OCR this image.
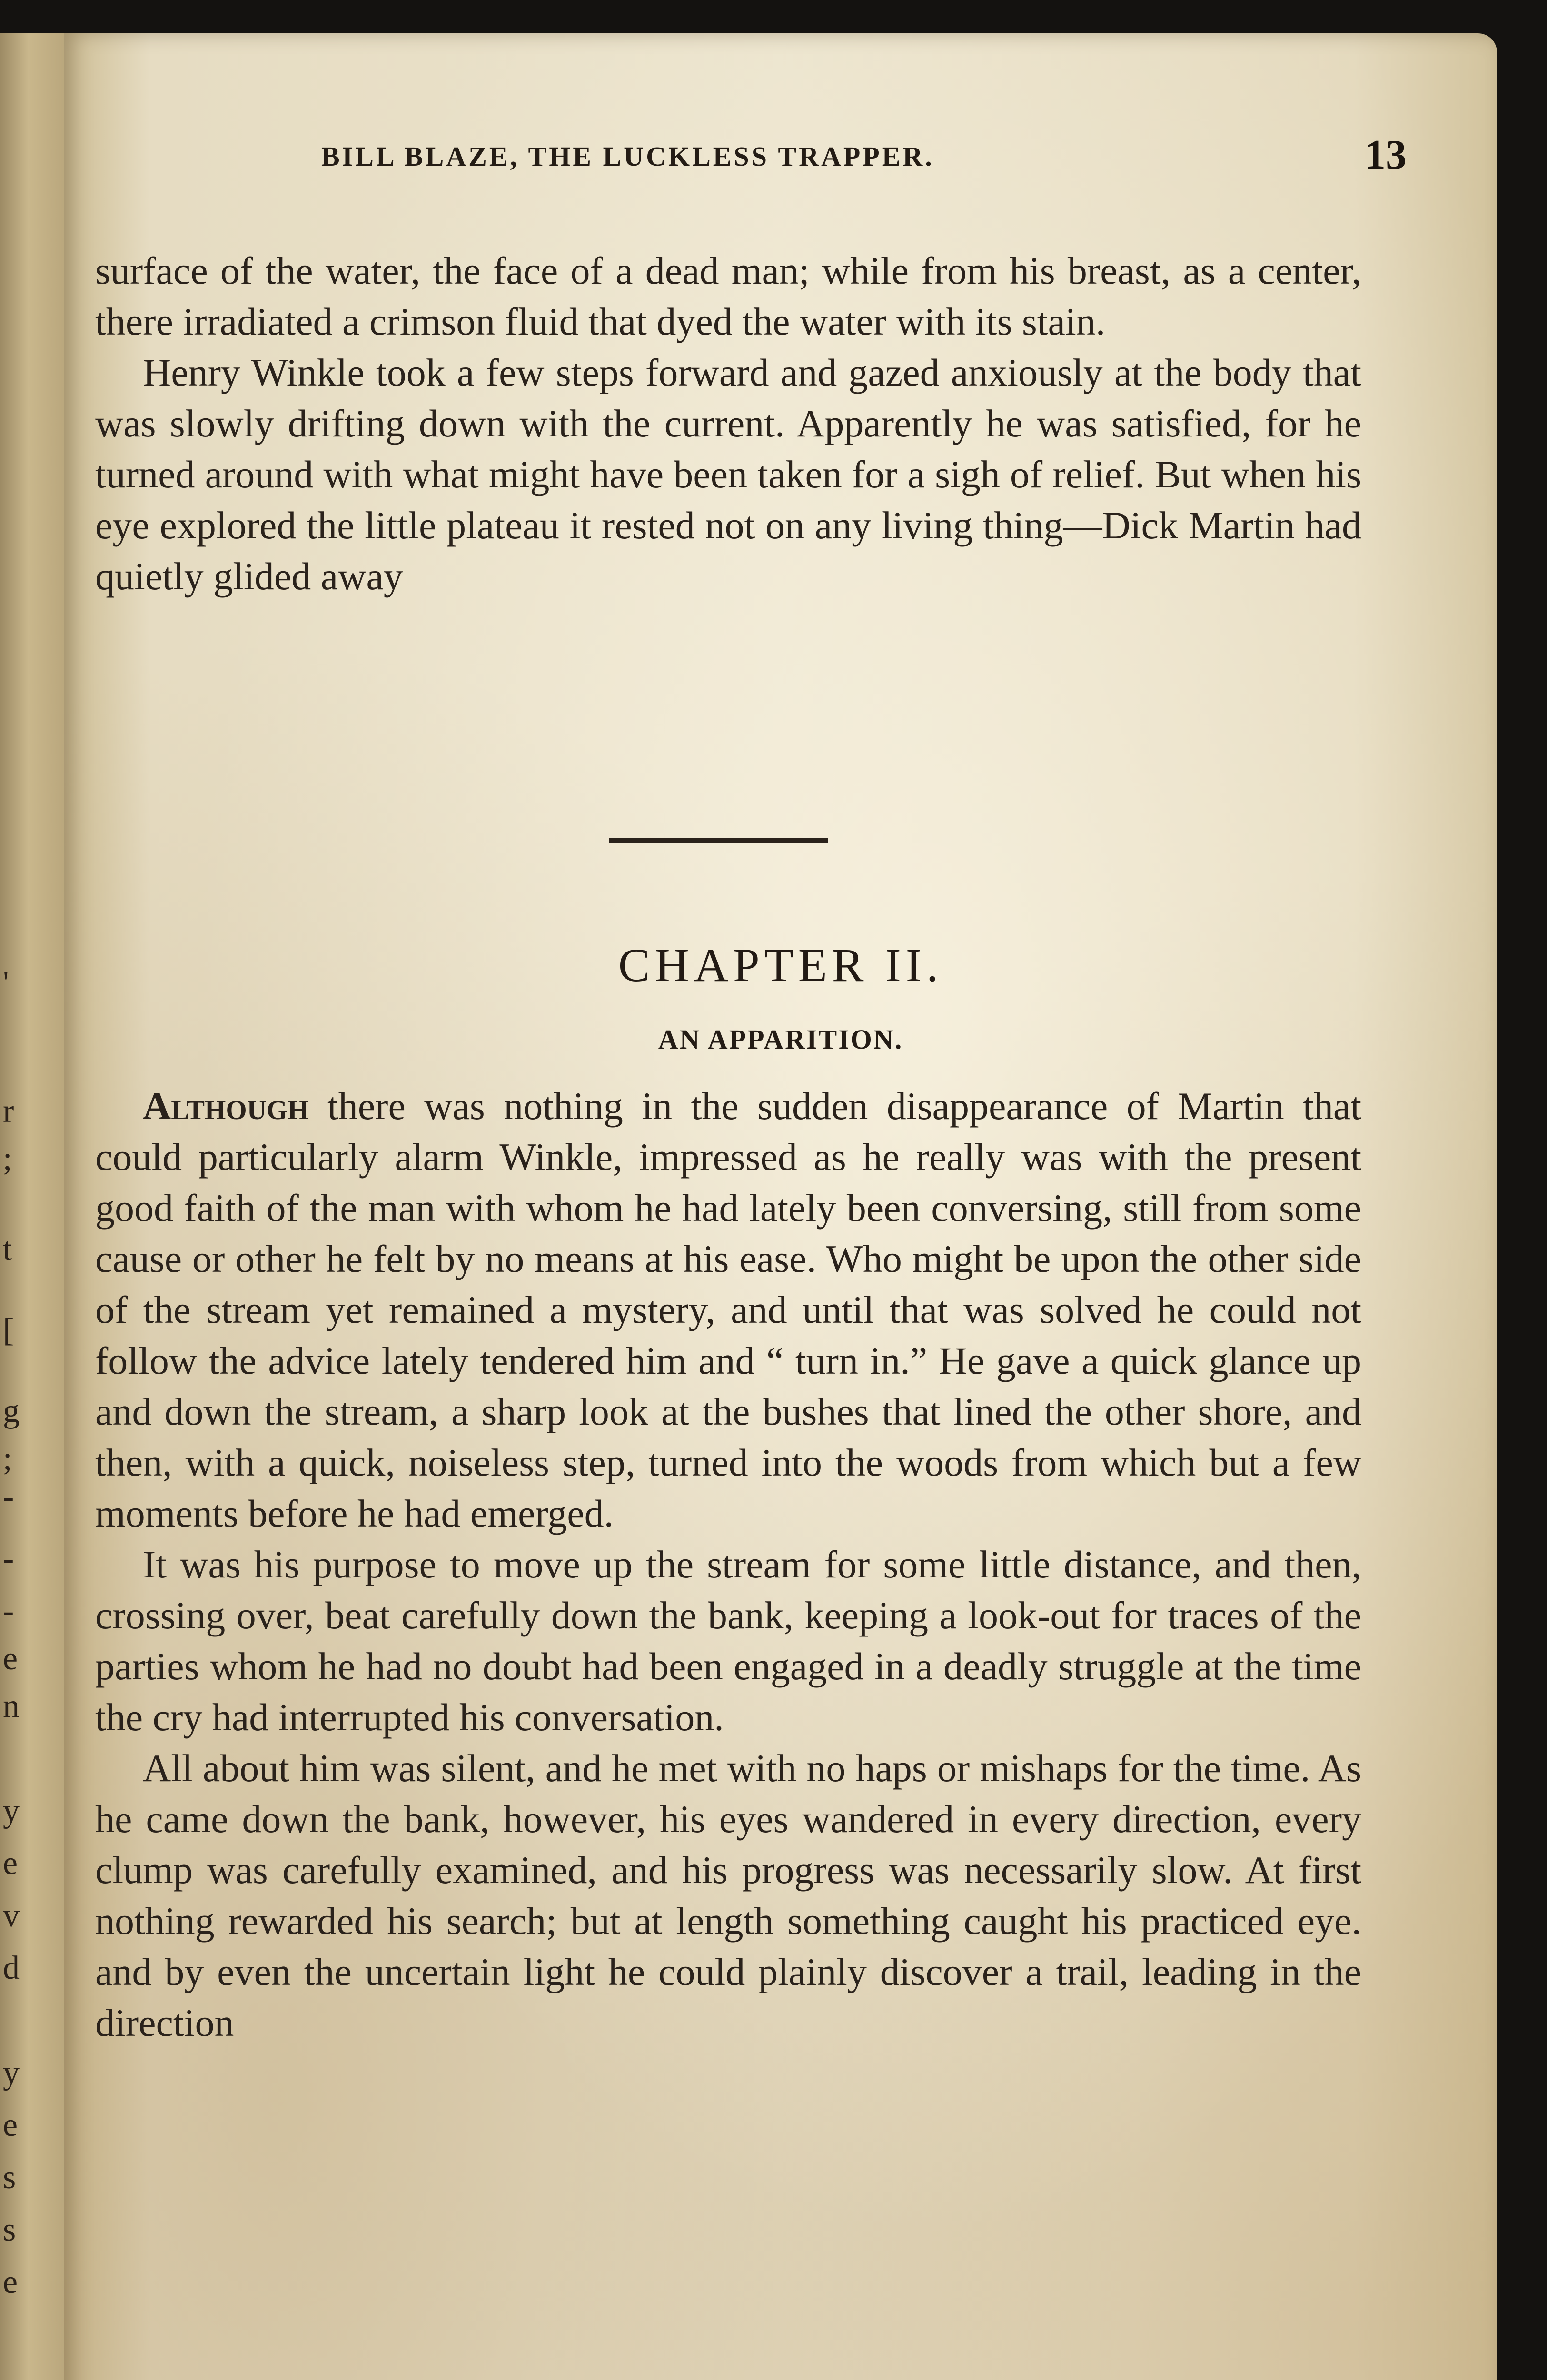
'
r
;
t
[
g
;
-
-
-
e
n
y
e
v
d
y
e
s
s
e
BILL BLAZE, THE LUCKLESS TRAPPER.	13

surface of the water, the face of a dead man; while from his breast, as a center, there irradiated a crimson fluid that dyed the water with its stain.

Henry Winkle took a few steps forward and gazed anxiously at the body that was slowly drifting down with the current. Apparently he was satisfied, for he turned around with what might have been taken for a sigh of relief. But when his eye explored the little plateau it rested not on any living thing—Dick Martin had quietly glided away

CHAPTER II.
AN APPARITION.

Although there was nothing in the sudden disappearance of Martin that could particularly alarm Winkle, impressed as he really was with the present good faith of the man with whom he had lately been conversing, still from some cause or other he felt by no means at his ease. Who might be upon the other side of the stream yet remained a mystery, and until that was solved he could not follow the advice lately tendered him and “ turn in.” He gave a quick glance up and down the stream, a sharp look at the bushes that lined the other shore, and then, with a quick, noiseless step, turned into the woods from which but a few moments before he had emerged.

It was his purpose to move up the stream for some little distance, and then, crossing over, beat carefully down the bank, keeping a look-out for traces of the parties whom he had no doubt had been engaged in a deadly struggle at the time the cry had interrupted his conversation.

All about him was silent, and he met with no haps or mishaps for the time. As he came down the bank, however, his eyes wandered in every direction, every clump was carefully examined, and his progress was necessarily slow. At first nothing rewarded his search; but at length something caught his practiced eye. and by even the uncertain light he could plainly discover a trail, leading in the direction
